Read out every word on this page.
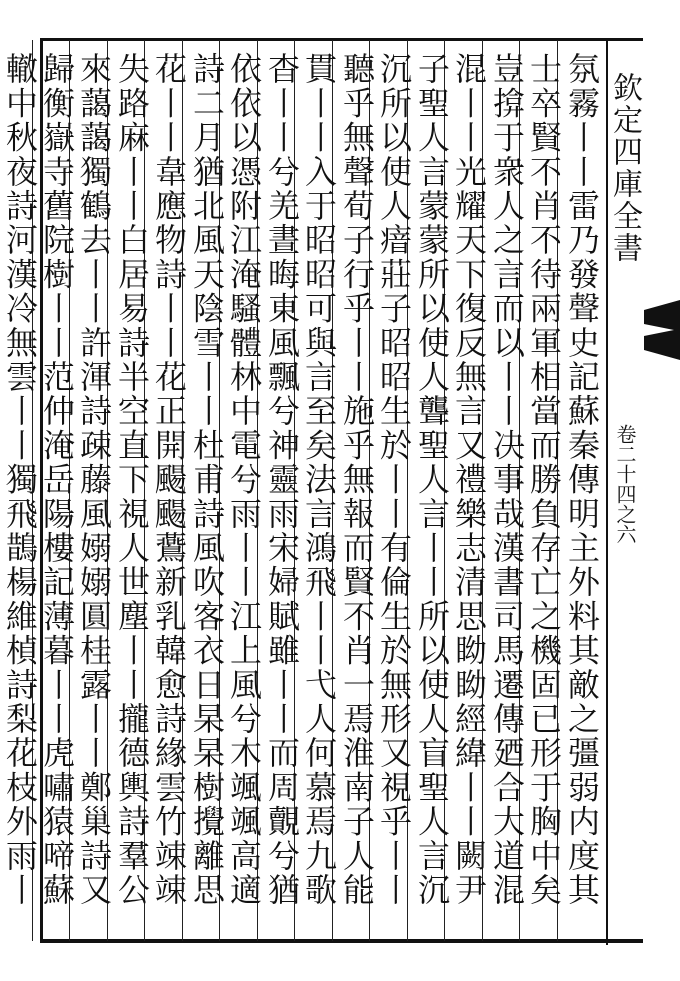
欽定四庫全書
卷二十四之六
氛霧丨丨雷乃發聲史記蘇秦傳明主外料其敵之彊弱内度其
士卒賢不肖不待兩軍相當而勝負存亡之機固已形于胸中矣
豈揜于衆人之言而以丨丨决事哉漢書司馬遷傳廼合大道混
混丨丨光耀天下復反無言又禮樂志清思眑眑經緯丨丨闕尹
子聖人言蒙蒙所以使人聾聖人言丨丨所以使人盲聖人言沉
沉所以使人瘖莊子昭昭生於丨丨有倫生於無形又視乎丨丨
聽乎無聲荀子行乎丨丨施乎無報而賢不肖一焉淮南子人能
貫丨丨入于昭昭可與言至矣法言鴻飛丨丨弋人何慕焉九歌
杳丨丨兮羌晝晦東風飄兮神靈雨宋婦賦雖丨丨而周覿兮猶
依依以憑附江淹騷體林中電兮雨丨丨江上風兮木颯颯高適
詩二月猶北風天陰雪丨丨杜甫詩風吹客衣日杲杲樹攪離思
花丨丨韋應物詩丨丨花正開颺颺鷰新乳韓愈詩緣雲竹竦竦
失路麻丨丨白居易詩半空直下視人世塵丨丨攏德輿詩羣公
來藹藹獨鶴去丨丨許渾詩疎藤風嫋嫋圓桂露丨丨鄭巢詩又
歸衡嶽寺舊院樹丨丨范仲淹岳陽樓記薄暮丨丨虎嘯猿啼蘇
轍中秋夜詩河漢冷無雲丨丨獨飛鵲楊維楨詩梨花枝外雨丨
